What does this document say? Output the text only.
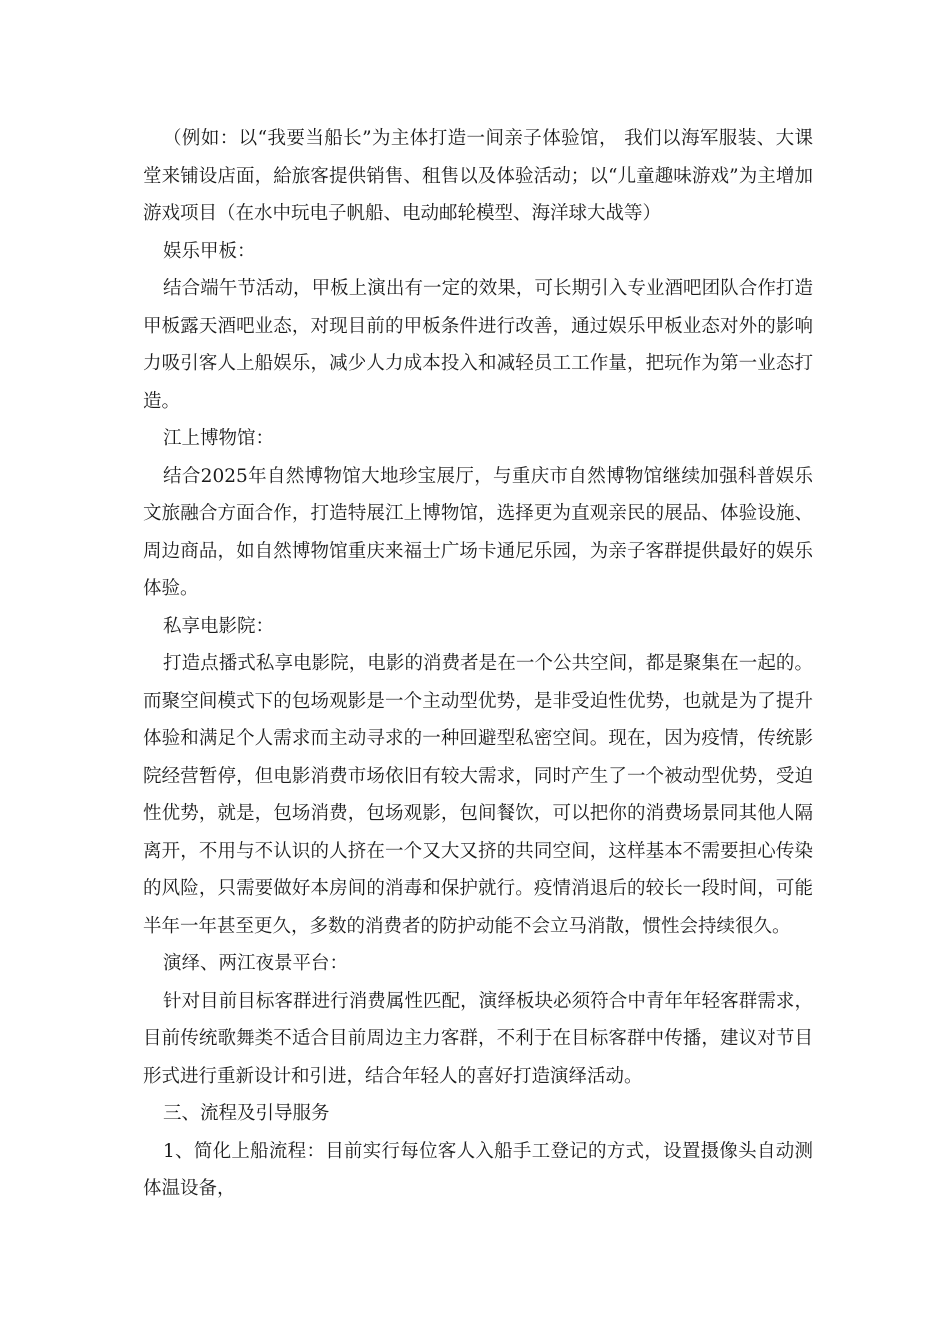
（例如：以“我要当船长”为主体打造一间亲子体验馆， 我们以海军服装、大课堂来铺设店面，給旅客提供销售、租售以及体验活动；以“儿童趣味游戏”为主增加游戏项目（在水中玩电子帆船、电动邮轮模型、海洋球大战等）

娱乐甲板：

结合端午节活动，甲板上演出有一定的效果，可长期引入专业酒吧团队合作打造甲板露天酒吧业态，对现目前的甲板条件进行改善，通过娱乐甲板业态对外的影响力吸引客人上船娱乐，减少人力成本投入和减轻员工工作量，把玩作为第一业态打造。

江上博物馆：

结合2025年自然博物馆大地珍宝展厅，与重庆市自然博物馆继续加强科普娱乐文旅融合方面合作，打造特展江上博物馆，选择更为直观亲民的展品、体验设施、周边商品，如自然博物馆重庆来福士广场卡通尼乐园，为亲子客群提供最好的娱乐体验。

私享电影院：

打造点播式私享电影院，电影的消费者是在一个公共空间，都是聚集在一起的。而聚空间模式下的包场观影是一个主动型优势，是非受迫性优势，也就是为了提升体验和满足个人需求而主动寻求的一种回避型私密空间。现在，因为疫情，传统影院经营暂停，但电影消费市场依旧有较大需求，同时产生了一个被动型优势，受迫性优势，就是，包场消费，包场观影，包间餐饮，可以把你的消费场景同其他人隔离开，不用与不认识的人挤在一个又大又挤的共同空间，这样基本不需要担心传染的风险，只需要做好本房间的消毒和保护就行。疫情消退后的较长一段时间，可能半年一年甚至更久，多数的消费者的防护动能不会立马消散，惯性会持续很久。

演绎、两江夜景平台：

针对目前目标客群进行消费属性匹配，演绎板块必须符合中青年年轻客群需求，目前传统歌舞类不适合目前周边主力客群，不利于在目标客群中传播，建议对节目形式进行重新设计和引进，结合年轻人的喜好打造演绎活动。

三、流程及引导服务

1、简化上船流程：目前实行每位客人入船手工登记的方式，设置摄像头自动测体温设备，
